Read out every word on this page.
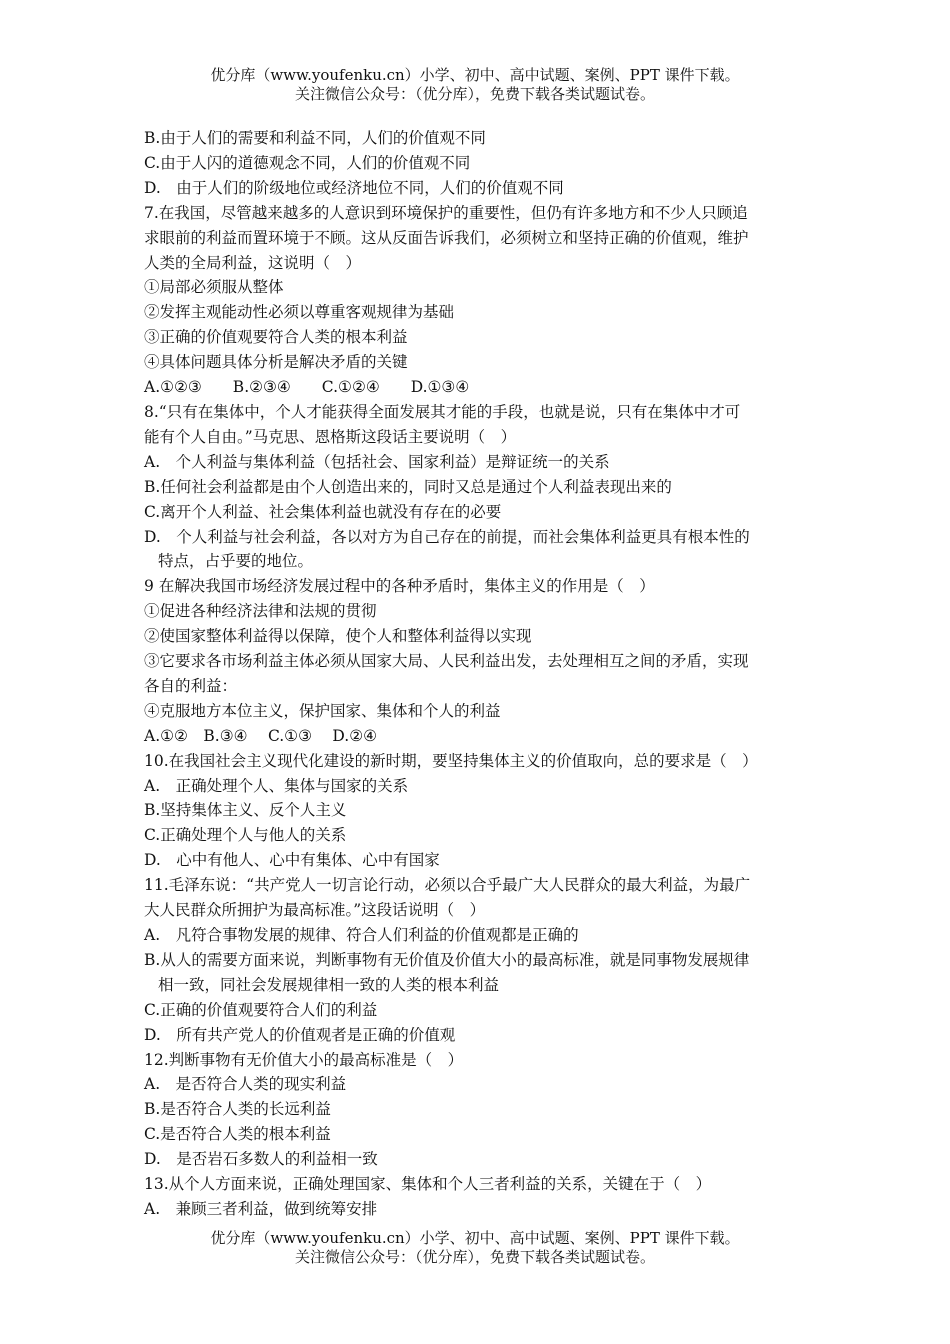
优分库（www.youfenku.cn）小学、初中、高中试题、案例、PPT 课件下载。
关注微信公众号：（优分库），免费下载各类试题试卷。
B.由于人们的需要和利益不同，人们的价值观不同
C.由于人闪的道德观念不同，人们的价值观不同
D.　由于人们的阶级地位或经济地位不同，人们的价值观不同
7.在我国，尽管越来越多的人意识到环境保护的重要性，但仍有许多地方和不少人只顾追
求眼前的利益而置环境于不顾。这从反面告诉我们，必须树立和坚持正确的价值观，维护
人类的全局利益，这说明（　）
①局部必须服从整体
②发挥主观能动性必须以尊重客观规律为基础
③正确的价值观要符合人类的根本利益
④具体问题具体分析是解决矛盾的关键
A.①②③　　B.②③④　　C.①②④　　D.①③④
8.“只有在集体中，个人才能获得全面发展其才能的手段，也就是说，只有在集体中才可
能有个人自由。”马克思、恩格斯这段话主要说明（　）
A.　个人利益与集体利益（包括社会、国家利益）是辩证统一的关系
B.任何社会利益都是由个人创造出来的，同时又总是通过个人利益表现出来的
C.离开个人利益、社会集体利益也就没有存在的必要
D.　个人利益与社会利益，各以对方为自己存在的前提，而社会集体利益更具有根本性的
特点，占乎要的地位。
9 在解决我国市场经济发展过程中的各种矛盾时，集体主义的作用是（　）
①促进各种经济法律和法规的贯彻
②使国家整体利益得以保障，使个人和整体利益得以实现
③它要求各市场利益主体必须从国家大局、人民利益出发，去处理相互之间的矛盾，实现
各自的利益：
④克服地方本位主义，保护国家、集体和个人的利益
A.①②　B.③④　 C.①③　 D.②④
10.在我国社会主义现代化建设的新时期，要坚持集体主义的价值取向，总的要求是（　）
A.　正确处理个人、集体与国家的关系
B.坚持集体主义、反个人主义
C.正确处理个人与他人的关系
D.　心中有他人、心中有集体、心中有国家
11.毛泽东说：“共产党人一切言论行动，必须以合乎最广大人民群众的最大利益，为最广
大人民群众所拥护为最高标准。”这段话说明（　）
A.　凡符合事物发展的规律、符合人们利益的价值观都是正确的
B.从人的需要方面来说，判断事物有无价值及价值大小的最高标准，就是同事物发展规律
相一致，同社会发展规律相一致的人类的根本利益
C.正确的价值观要符合人们的利益
D.　所有共产党人的价值观者是正确的价值观
12.判断事物有无价值大小的最高标准是（　）
A.　是否符合人类的现实利益
B.是否符合人类的长远利益
C.是否符合人类的根本利益
D.　是否岩石多数人的利益相一致
13.从个人方面来说，正确处理国家、集体和个人三者利益的关系，关键在于（　）
A.　兼顾三者利益，做到统筹安排
优分库（www.youfenku.cn）小学、初中、高中试题、案例、PPT 课件下载。
关注微信公众号：（优分库），免费下载各类试题试卷。
